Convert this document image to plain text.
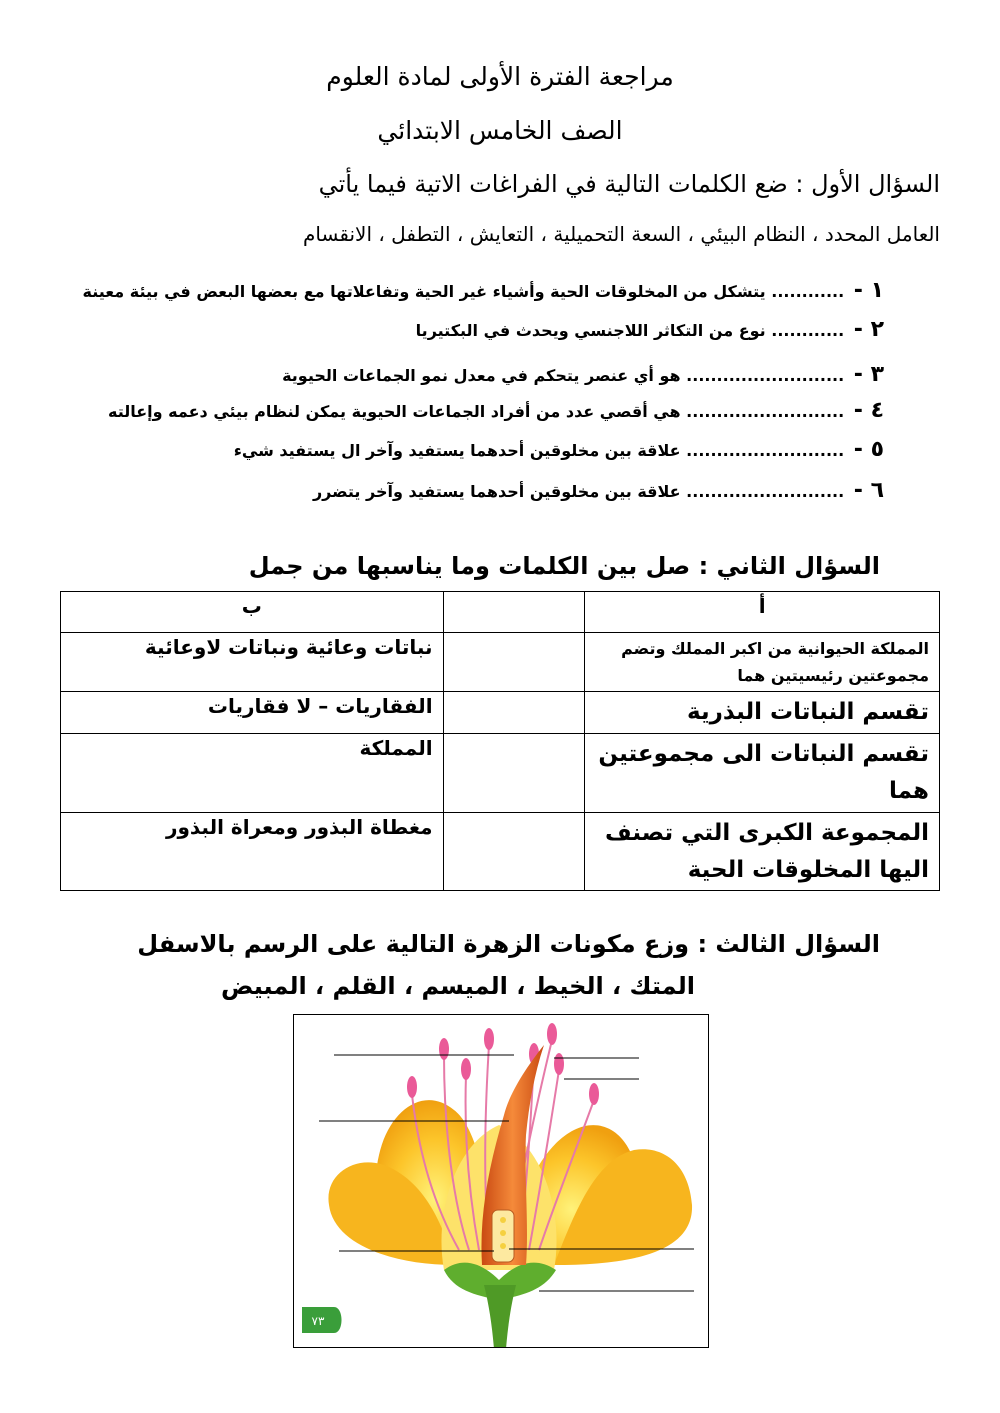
مراجعة الفترة الأولى لمادة العلوم
الصف الخامس الابتدائي
السؤال الأول : ضع الكلمات التالية في الفراغات الاتية فيما يأتي
العامل المحدد ، النظام البيئي ، السعة التحميلية ، التعايش ، التطفل ، الانقسام
١ - ............ يتشكل من المخلوقات الحية وأشياء غير الحية وتفاعلاتها مع بعضها البعض في بيئة معينة
٢ - ............ نوع من التكاثر اللاجنسي ويحدث في البكتيريا
٣ - .......................... هو أي عنصر يتحكم في معدل نمو الجماعات الحيوية
٤ - .......................... هي أقصي عدد من أفراد الجماعات الحيوية يمكن لنظام بيئي دعمه وإعالته
٥ - .......................... علاقة بين مخلوقين أحدهما يستفيد وآخر ال يستفيد شيء
٦ - .......................... علاقة بين مخلوقين أحدهما يستفيد وآخر يتضرر
السؤال الثاني : صل بين الكلمات وما يناسبها من جمل
أ		ب
المملكة الحيوانية من اكبر المملك وتضم مجموعتين رئيسيتين هما		نباتات وعائية ونباتات لاوعائية
تقسم النباتات البذرية		الفقاريات – لا فقاريات
تقسم النباتات الى مجموعتين هما		المملكة
المجموعة الكبرى التي تصنف اليها المخلوقات الحية		مغطاة البذور ومعراة البذور
السؤال الثالث : وزع مكونات الزهرة التالية على الرسم بالاسفل
المتك ، الخيط ، الميسم ، القلم ، المبيض
٧٣
